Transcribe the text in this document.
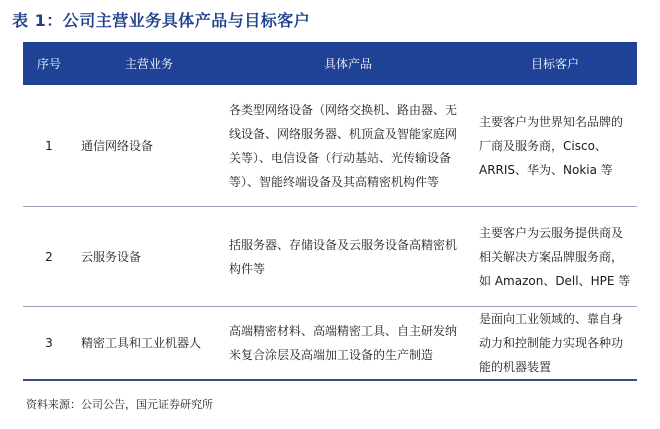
表 1：公司主营业务具体产品与目标客户
序号	主营业务	具体产品	目标客户
1	通信网络设备	各类型网络设备（网络交换机、路由器、无线设备、网络服务器、机顶盒及智能家庭网关等）、电信设备（行动基站、光传输设备等）、智能终端设备及其高精密机构件等	主要客户为世界知名品牌的厂商及服务商，Cisco、ARRIS、华为、Nokia 等
2	云服务设备	括服务器、存储设备及云服务设备高精密机构件等	主要客户为云服务提供商及相关解决方案品牌服务商，如 Amazon、Dell、HPE 等
3	精密工具和工业机器人	高端精密材料、高端精密工具、自主研发纳米复合涂层及高端加工设备的生产制造	是面向工业领域的、靠自身动力和控制能力实现各种功能的机器装置
资料来源：公司公告，国元证券研究所
